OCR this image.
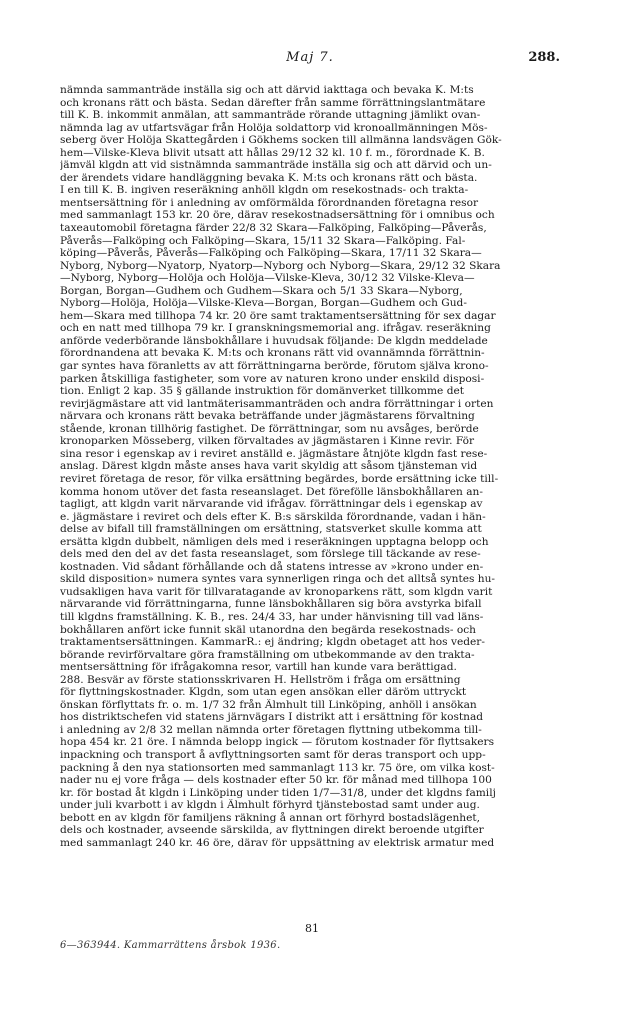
Maj 7.	288.
nämnda sammanträde inställa sig och att därvid iakttaga och bevaka K. M:ts
och kronans rätt och bästa. Sedan därefter från samme förrättningslantmätare
till K. B. inkommit anmälan, att sammanträde rörande uttagning jämlikt ovan-
nämnda lag av utfartsvägar från Holöja soldattorp vid kronoallmänningen Mös-
seberg över Holöja Skattegården i Gökhems socken till allmänna landsvägen Gök-
hem—Vilske-Kleva blivit utsatt att hållas 29/12 32 kl. 10 f. m., förordnade K. B.
jämväl klgdn att vid sistnämnda sammanträde inställa sig och att därvid och un-
der ärendets vidare handläggning bevaka K. M:ts och kronans rätt och bästa.
I en till K. B. ingiven reseräkning anhöll klgdn om resekostnads- och trakta-
mentsersättning för i anledning av omförmälda förordnanden företagna resor
med sammanlagt 153 kr. 20 öre, därav resekostnadsersättning för i omnibus och
taxeautomobil företagna färder 22/8 32 Skara—Falköping, Falköping—Påverås,
Påverås—Falköping och Falköping—Skara, 15/11 32 Skara—Falköping. Fal-
köping—Påverås, Påverås—Falköping och Falköping—Skara, 17/11 32 Skara—
Nyborg, Nyborg—Nyatorp, Nyatorp—Nyborg och Nyborg—Skara, 29/12 32 Skara
—Nyborg, Nyborg—Holöja och Holöja—Vilske-Kleva, 30/12 32 Vilske-Kleva—
Borgan, Borgan—Gudhem och Gudhem—Skara och 5/1 33 Skara—Nyborg,
Nyborg—Holöja, Holöja—Vilske-Kleva—Borgan, Borgan—Gudhem och Gud-
hem—Skara med tillhopa 74 kr. 20 öre samt traktamentsersättning för sex dagar
och en natt med tillhopa 79 kr. I granskningsmemorial ang. ifrågav. reseräkning
anförde vederbörande länsbokhållare i huvudsak följande: De klgdn meddelade
förordnandena att bevaka K. M:ts och kronans rätt vid ovannämnda förrättnin-
gar syntes hava föranletts av att förrättningarna berörde, förutom själva krono-
parken åtskilliga fastigheter, som vore av naturen krono under enskild disposi-
tion. Enligt 2 kap. 35 § gällande instruktion för domänverket tillkomme det
revirjägmästare att vid lantmäterisammanträden och andra förrättningar i orten
närvara och kronans rätt bevaka beträffande under jägmästarens förvaltning
stående, kronan tillhörig fastighet. De förrättningar, som nu avsåges, berörde
kronoparken Mösseberg, vilken förvaltades av jägmästaren i Kinne revir. För
sina resor i egenskap av i reviret anställd e. jägmästare åtnjöte klgdn fast rese-
anslag. Därest klgdn måste anses hava varit skyldig att såsom tjänsteman vid
reviret företaga de resor, för vilka ersättning begärdes, borde ersättning icke till-
komma honom utöver det fasta reseanslaget. Det förefölle länsbokhållaren an-
tagligt, att klgdn varit närvarande vid ifrågav. förrättningar dels i egenskap av
e. jägmästare i reviret och dels efter K. B:s särskilda förordnande, vadan i hän-
delse av bifall till framställningen om ersättning, statsverket skulle komma att
ersätta klgdn dubbelt, nämligen dels med i reseräkningen upptagna belopp och
dels med den del av det fasta reseanslaget, som förslege till täckande av rese-
kostnaden. Vid sådant förhållande och då statens intresse av »krono under en-
skild disposition» numera syntes vara synnerligen ringa och det alltså syntes hu-
vudsakligen hava varit för tillvaratagande av kronoparkens rätt, som klgdn varit
närvarande vid förrättningarna, funne länsbokhållaren sig böra avstyrka bifall
till klgdns framställning. K. B., res. 24/4 33, har under hänvisning till vad läns-
bokhållaren anfört icke funnit skäl utanordna den begärda resekostnads- och
traktamentsersättningen. KammarR.: ej ändring; klgdn obetaget att hos veder-
börande revirförvaltare göra framställning om utbekommande av den trakta-
mentsersättning för ifrågakomna resor, vartill han kunde vara berättigad.
288. Besvär av förste stationsskrivaren H. Hellström i fråga om ersättning
för flyttningskostnader. Klgdn, som utan egen ansökan eller däröm uttryckt
önskan förflyttats fr. o. m. 1/7 32 från Älmhult till Linköping, anhöll i ansökan
hos distriktschefen vid statens järnvägars I distrikt att i ersättning för kostnad
i anledning av 2/8 32 mellan nämnda orter företagen flyttning utbekomma till-
hopa 454 kr. 21 öre. I nämnda belopp ingick — förutom kostnader för flyttsakers
inpackning och transport å avflyttningsorten samt för deras transport och upp-
packning å den nya stationsorten med sammanlagt 113 kr. 75 öre, om vilka kost-
nader nu ej vore fråga — dels kostnader efter 50 kr. för månad med tillhopa 100
kr. för bostad åt klgdn i Linköping under tiden 1/7—31/8, under det klgdns familj
under juli kvarbott i av klgdn i Älmhult förhyrd tjänstebostad samt under aug.
bebott en av klgdn för familjens räkning å annan ort förhyrd bostadslägenhet,
dels och kostnader, avseende särskilda, av flyttningen direkt beroende utgifter
med sammanlagt 240 kr. 46 öre, därav för uppsättning av elektrisk armatur med
81
6—363944. Kammarrättens årsbok 1936.
